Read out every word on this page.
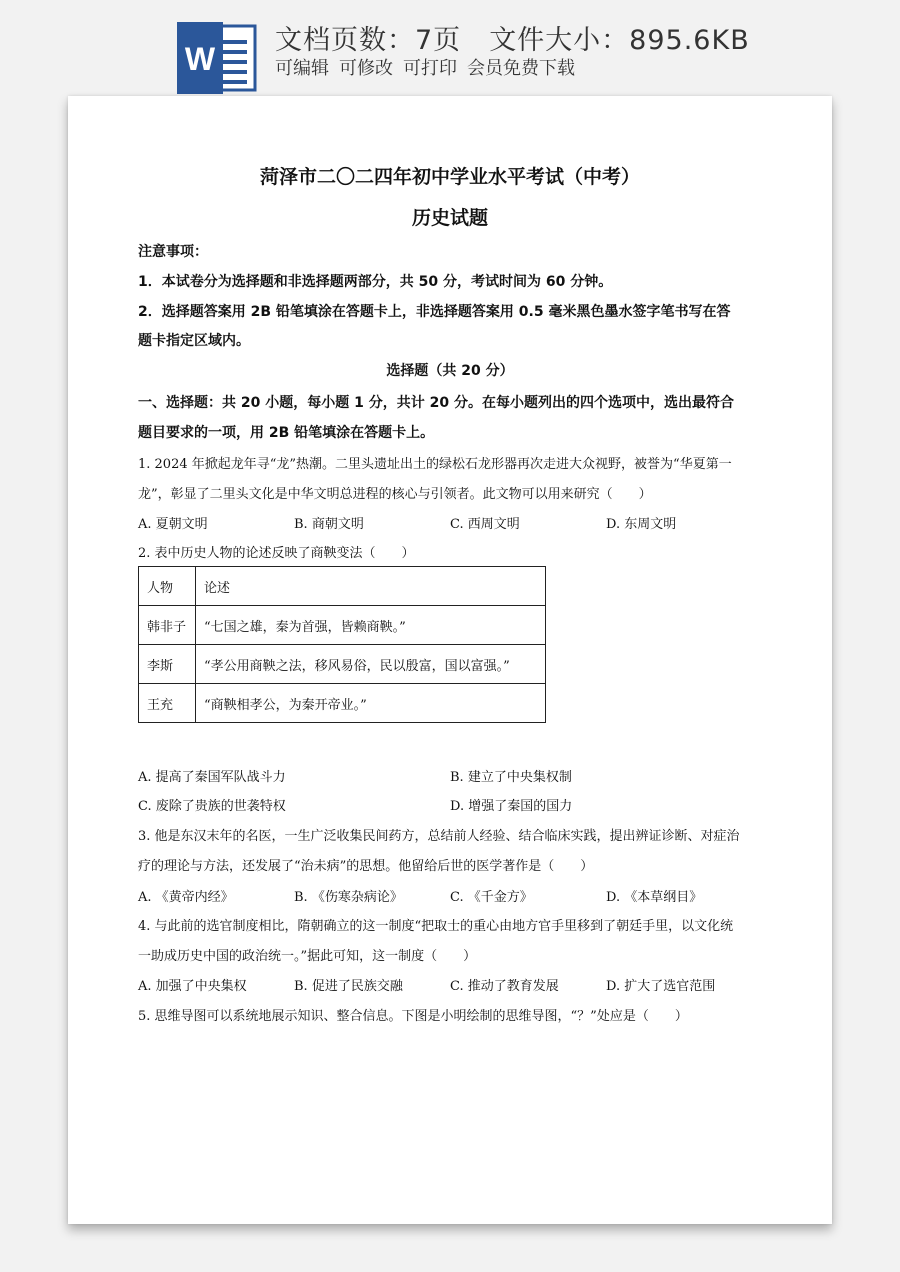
W
文档页数：7页 文件大小：895.6KB
可编辑 可修改 可打印 会员免费下载
菏泽市二〇二四年初中学业水平考试（中考）
历史试题
注意事项：
1．本试卷分为选择题和非选择题两部分，共 50 分，考试时间为 60 分钟。
2．选择题答案用 2B 铅笔填涂在答题卡上，非选择题答案用 0.5 毫米黑色墨水签字笔书写在答
题卡指定区域内。
选择题（共 20 分）
一、选择题：共 20 小题，每小题 1 分，共计 20 分。在每小题列出的四个选项中，选出最符合
题目要求的一项，用 2B 铅笔填涂在答题卡上。
1. 2024 年掀起龙年寻“龙”热潮。二里头遗址出土的绿松石龙形器再次走进大众视野，被誉为“华夏第一
龙”，彰显了二里头文化是中华文明总进程的核心与引领者。此文物可以用来研究（　　）
A. 夏朝文明	B. 商朝文明	C. 西周文明	D. 东周文明
2. 表中历史人物的论述反映了商鞅变法（　　）
人物	论述
韩非子	“七国之雄，秦为首强，皆赖商鞅。”
李斯	“孝公用商鞅之法，移风易俗，民以殷富，国以富强。”
王充	“商鞅相孝公，为秦开帝业。”
A. 提高了秦国军队战斗力	B. 建立了中央集权制
C. 废除了贵族的世袭特权	D. 增强了秦国的国力
3. 他是东汉末年的名医，一生广泛收集民间药方，总结前人经验、结合临床实践，提出辨证诊断、对症治
疗的理论与方法，还发展了“治未病”的思想。他留给后世的医学著作是（　　）
A. 《黄帝内经》	B. 《伤寒杂病论》	C. 《千金方》	D. 《本草纲目》
4. 与此前的选官制度相比，隋朝确立的这一制度“把取士的重心由地方官手里移到了朝廷手里，以文化统
一助成历史中国的政治统一。”据此可知，这一制度（　　）
A. 加强了中央集权	B. 促进了民族交融	C. 推动了教育发展	D. 扩大了选官范围
5. 思维导图可以系统地展示知识、整合信息。下图是小明绘制的思维导图，“？”处应是（　　）
